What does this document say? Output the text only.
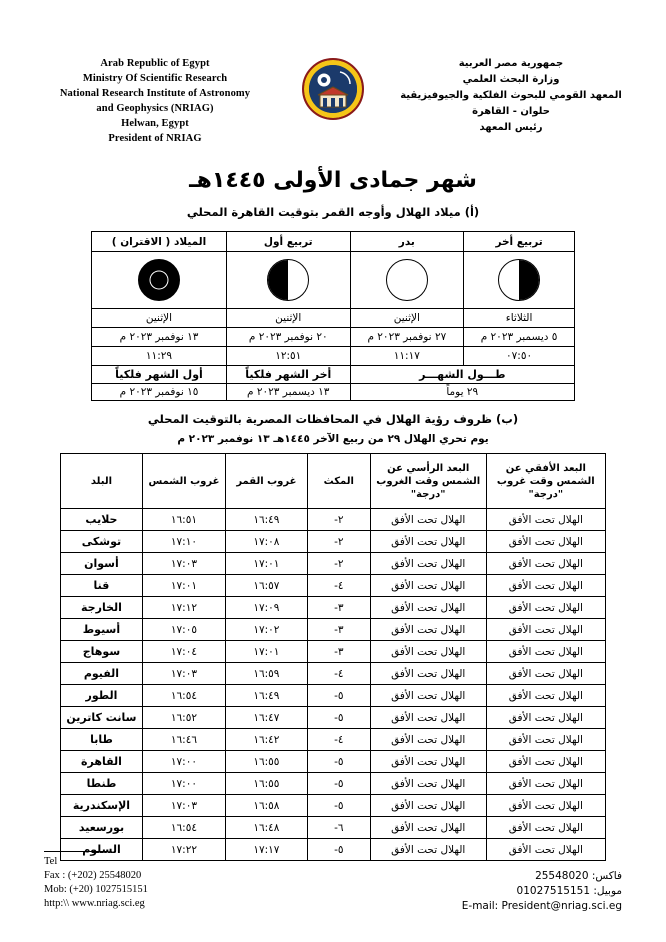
Arab Republic of Egypt
Ministry Of Scientific Research
National Research Institute of Astronomy
and Geophysics (NRIAG)
Helwan, Egypt
President of NRIAG
جمهورية مصر العربية
وزارة البحث العلمي
المعهد القومي للبحوث الفلكية والجيوفيزيقية
حلوان - القاهرة
رئيس المعهد
شهر جمادى الأولى ١٤٤٥هـ
(أ) ميلاد الهلال وأوجه القمر بتوقيت القاهرة المحلي
تربيع أخر	بدر	تربيع أول	المیلاد ( الاقتران )

الثلاثاء	الإثنين	الإثنين	الإثنين
٥ ديسمبر ٢٠٢٣ م	٢٧ نوفمبر ٢٠٢٣ م	٢٠ نوفمبر ٢٠٢٣ م	١٣ نوفمبر ٢٠٢٣ م
٠٧:٥٠	١١:١٧	١٢:٥١	١١:٢٩
طـــول الشهـــر		أخر الشهر فلكياً	أول الشهر فلكياً
٢٩ يوماً		١٣ ديسمبر ٢٠٢٣ م	١٥ نوفمبر ٢٠٢٣ م
(ب) ظروف رؤية الهلال في المحافظات المصرية بالتوقيت المحلي
يوم تحري الهلال ٢٩ من ربيع الآخر ١٤٤٥هـ ١٣ نوفمبر ٢٠٢٣ م
البعد الأفقي عن الشمس وقت غروب "درجة"	البعد الرأسي عن الشمس وقت الغروب "درجة"	المكث	غروب القمر	غروب الشمس	البلد
الهلال تحت الأفق	الهلال تحت الأفق	٢-	١٦:٤٩	١٦:٥١	حلايب
الهلال تحت الأفق	الهلال تحت الأفق	٢-	١٧:٠٨	١٧:١٠	توشكى
الهلال تحت الأفق	الهلال تحت الأفق	٢-	١٧:٠١	١٧:٠٣	أسوان
الهلال تحت الأفق	الهلال تحت الأفق	٤-	١٦:٥٧	١٧:٠١	قنا
الهلال تحت الأفق	الهلال تحت الأفق	٣-	١٧:٠٩	١٧:١٢	الخارجة
الهلال تحت الأفق	الهلال تحت الأفق	٣-	١٧:٠٢	١٧:٠٥	أسيوط
الهلال تحت الأفق	الهلال تحت الأفق	٣-	١٧:٠١	١٧:٠٤	سوهاج
الهلال تحت الأفق	الهلال تحت الأفق	٤-	١٦:٥٩	١٧:٠٣	الفيوم
الهلال تحت الأفق	الهلال تحت الأفق	٥-	١٦:٤٩	١٦:٥٤	الطور
الهلال تحت الأفق	الهلال تحت الأفق	٥-	١٦:٤٧	١٦:٥٢	سانت كاترين
الهلال تحت الأفق	الهلال تحت الأفق	٤-	١٦:٤٢	١٦:٤٦	طابا
الهلال تحت الأفق	الهلال تحت الأفق	٥-	١٦:٥٥	١٧:٠٠	القاهرة
الهلال تحت الأفق	الهلال تحت الأفق	٥-	١٦:٥٥	١٧:٠٠	طنطا
الهلال تحت الأفق	الهلال تحت الأفق	٥-	١٦:٥٨	١٧:٠٣	الإسكندرية
الهلال تحت الأفق	الهلال تحت الأفق	٦-	١٦:٤٨	١٦:٥٤	بورسعيد
الهلال تحت الأفق	الهلال تحت الأفق	٥-	١٧:١٧	١٧:٢٢	السلوم
Tel
Fax : (+202) 25548020
Mob: (+20) 1027515151
http:\\ www.nriag.sci.eg
فاكس: 25548020
موبيل: 01027515151
E-mail: President@nriag.sci.eg
